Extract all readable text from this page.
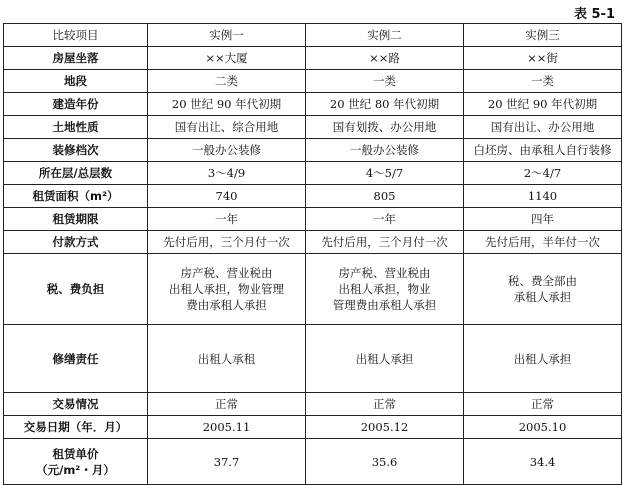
表 5-1
比较项目	实例一	实例二	实例三
房屋坐落	××大厦	××路	××街
地段	二类	一类	一类
建造年份	20 世纪 90 年代初期	20 世纪 80 年代初期	20 世纪 90 年代初期
土地性质	国有出让、综合用地	国有划拨、办公用地	国有出让、办公用地
装修档次	一般办公装修	一般办公装修	白坯房、由承租人自行装修
所在层/总层数	3～4/9	4～5/7	2～4/7
租赁面积（m²）	740	805	1140
租赁期限	一年	一年	四年
付款方式	先付后用，三个月付一次	先付后用，三个月付一次	先付后用，半年付一次
税、费负担	房产税、营业税由
出租人承担，物业管理
费由承租人承担	房产税、营业税由
出租人承担，物业
管理费由承租人承担	税、费全部由
承租人承担
修缮责任	出租人承租	出租人承担	出租人承担
交易情况	正常	正常	正常
交易日期（年．月）	2005.11	2005.12	2005.10
租赁单价
（元/m²・月）	37.7	35.6	34.4
